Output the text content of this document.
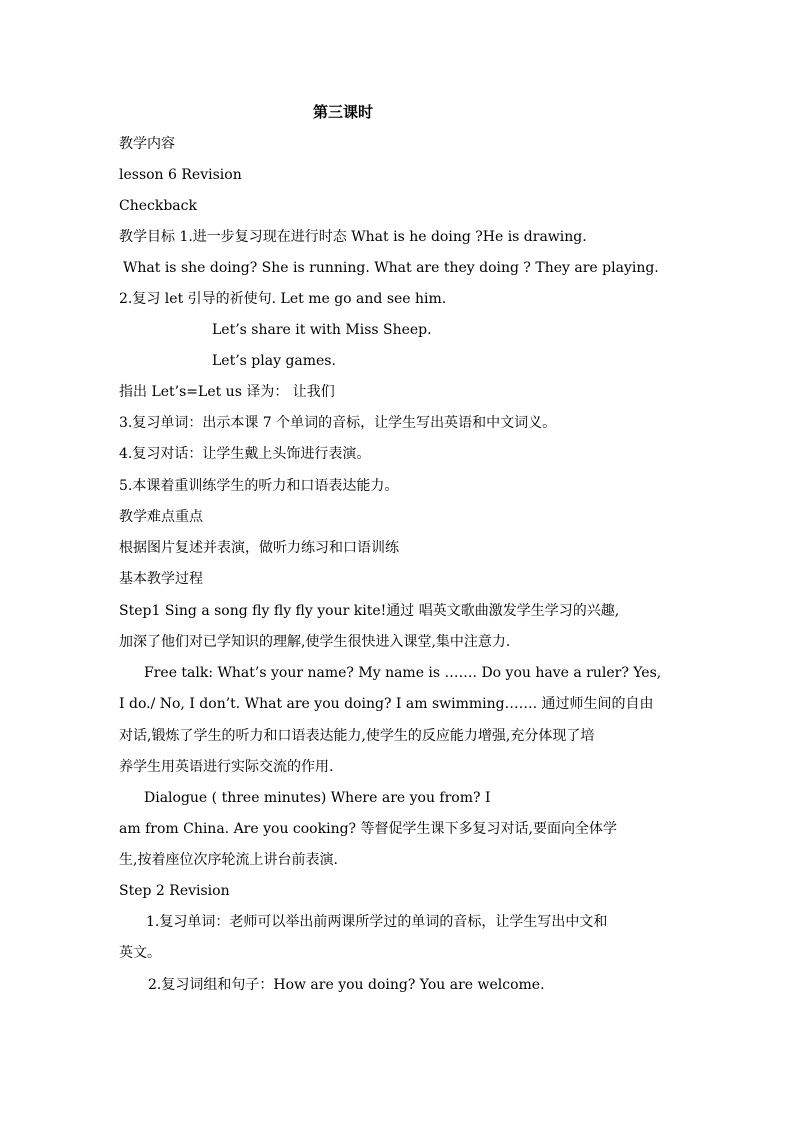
第三课时
教学内容
lesson 6 Revision
Checkback
教学目标 1.进一步复习现在进行时态 What is he doing ?He is drawing.
What is she doing? She is running. What are they doing ? They are playing.
2.复习 let 引导的祈使句. Let me go and see him.
Let’s share it with Miss Sheep.
Let’s play games.
指出 Let’s=Let us 译为： 让我们
3.复习单词：出示本课 7 个单词的音标，让学生写出英语和中文词义。
4.复习对话：让学生戴上头饰进行表演。
5.本课着重训练学生的听力和口语表达能力。
教学难点重点
根据图片复述并表演，做听力练习和口语训练
基本教学过程
Step1 Sing a song fly fly fly your kite!通过 唱英文歌曲激发学生学习的兴趣,
加深了他们对已学知识的理解,使学生很快进入课堂,集中注意力.
Free talk: What’s your name? My name is ……. Do you have a ruler? Yes,
I do./ No, I don’t. What are you doing? I am swimming……. 通过师生间的自由
对话,锻炼了学生的听力和口语表达能力,使学生的反应能力增强,充分体现了培
养学生用英语进行实际交流的作用.
Dialogue ( three minutes) Where are you from? I
am from China. Are you cooking? 等督促学生课下多复习对话,要面向全体学
生,按着座位次序轮流上讲台前表演.
Step 2 Revision
1.复习单词：老师可以举出前两课所学过的单词的音标，让学生写出中文和
英文。
2.复习词组和句子：How are you doing? You are welcome.
